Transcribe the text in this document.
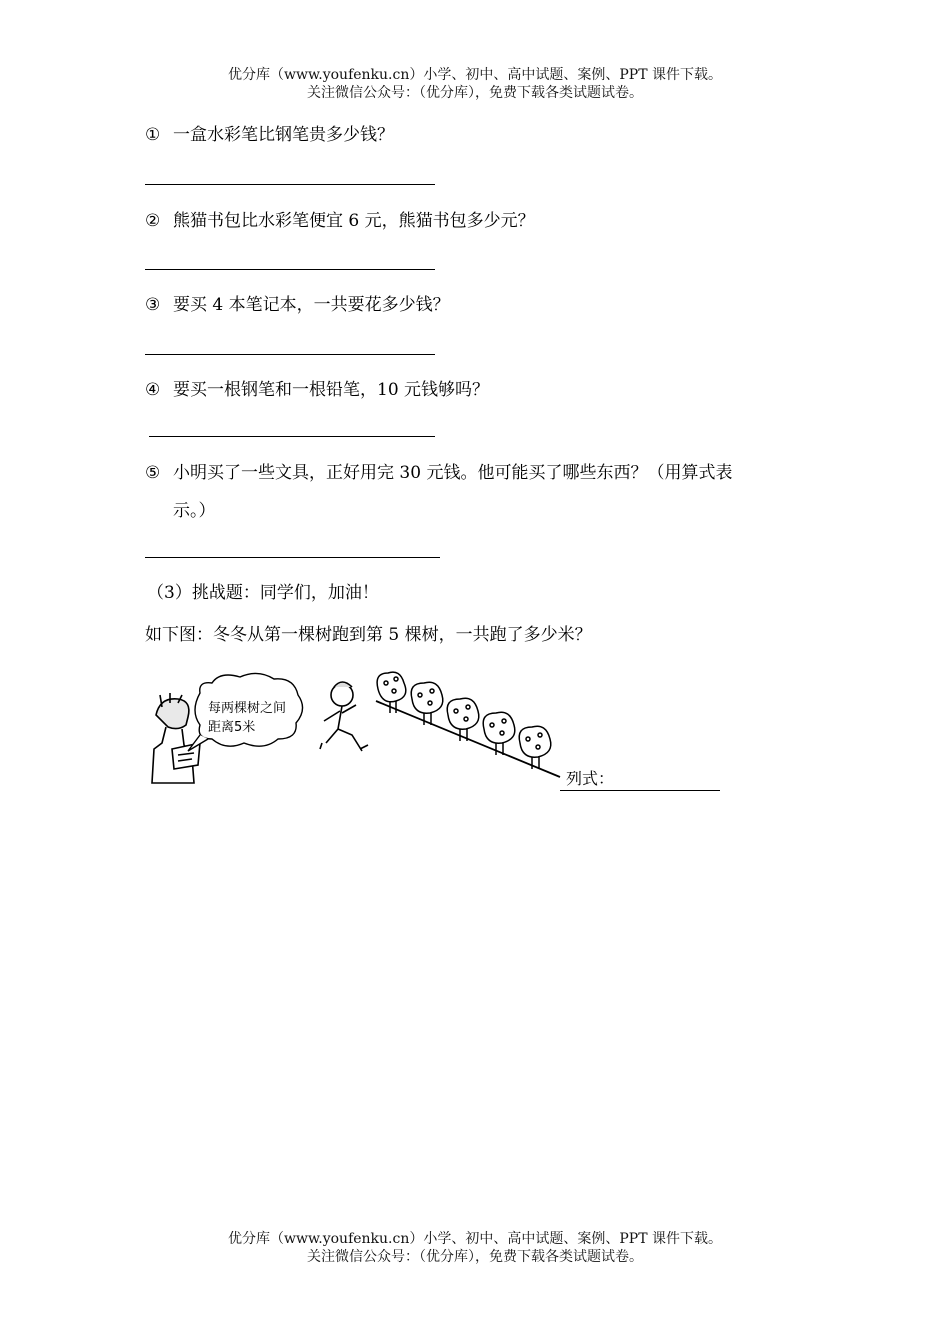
优分库（www.youfenku.cn）小学、初中、高中试题、案例、PPT 课件下载。
关注微信公众号：（优分库），免费下载各类试题试卷。
① 一盒水彩笔比钢笔贵多少钱？
② 熊猫书包比水彩笔便宜 6 元，熊猫书包多少元？
③ 要买 4 本笔记本，一共要花多少钱？
④ 要买一根钢笔和一根铅笔，10 元钱够吗？
⑤ 小明买了一些文具，正好用完 30 元钱。他可能买了哪些东西？（用算式表
示。）
（3）挑战题：同学们，加油！
如下图：冬冬从第一棵树跑到第 5 棵树，一共跑了多少米？
每两棵树之间
距离5米
列式：
优分库（www.youfenku.cn）小学、初中、高中试题、案例、PPT 课件下载。
关注微信公众号：（优分库），免费下载各类试题试卷。
